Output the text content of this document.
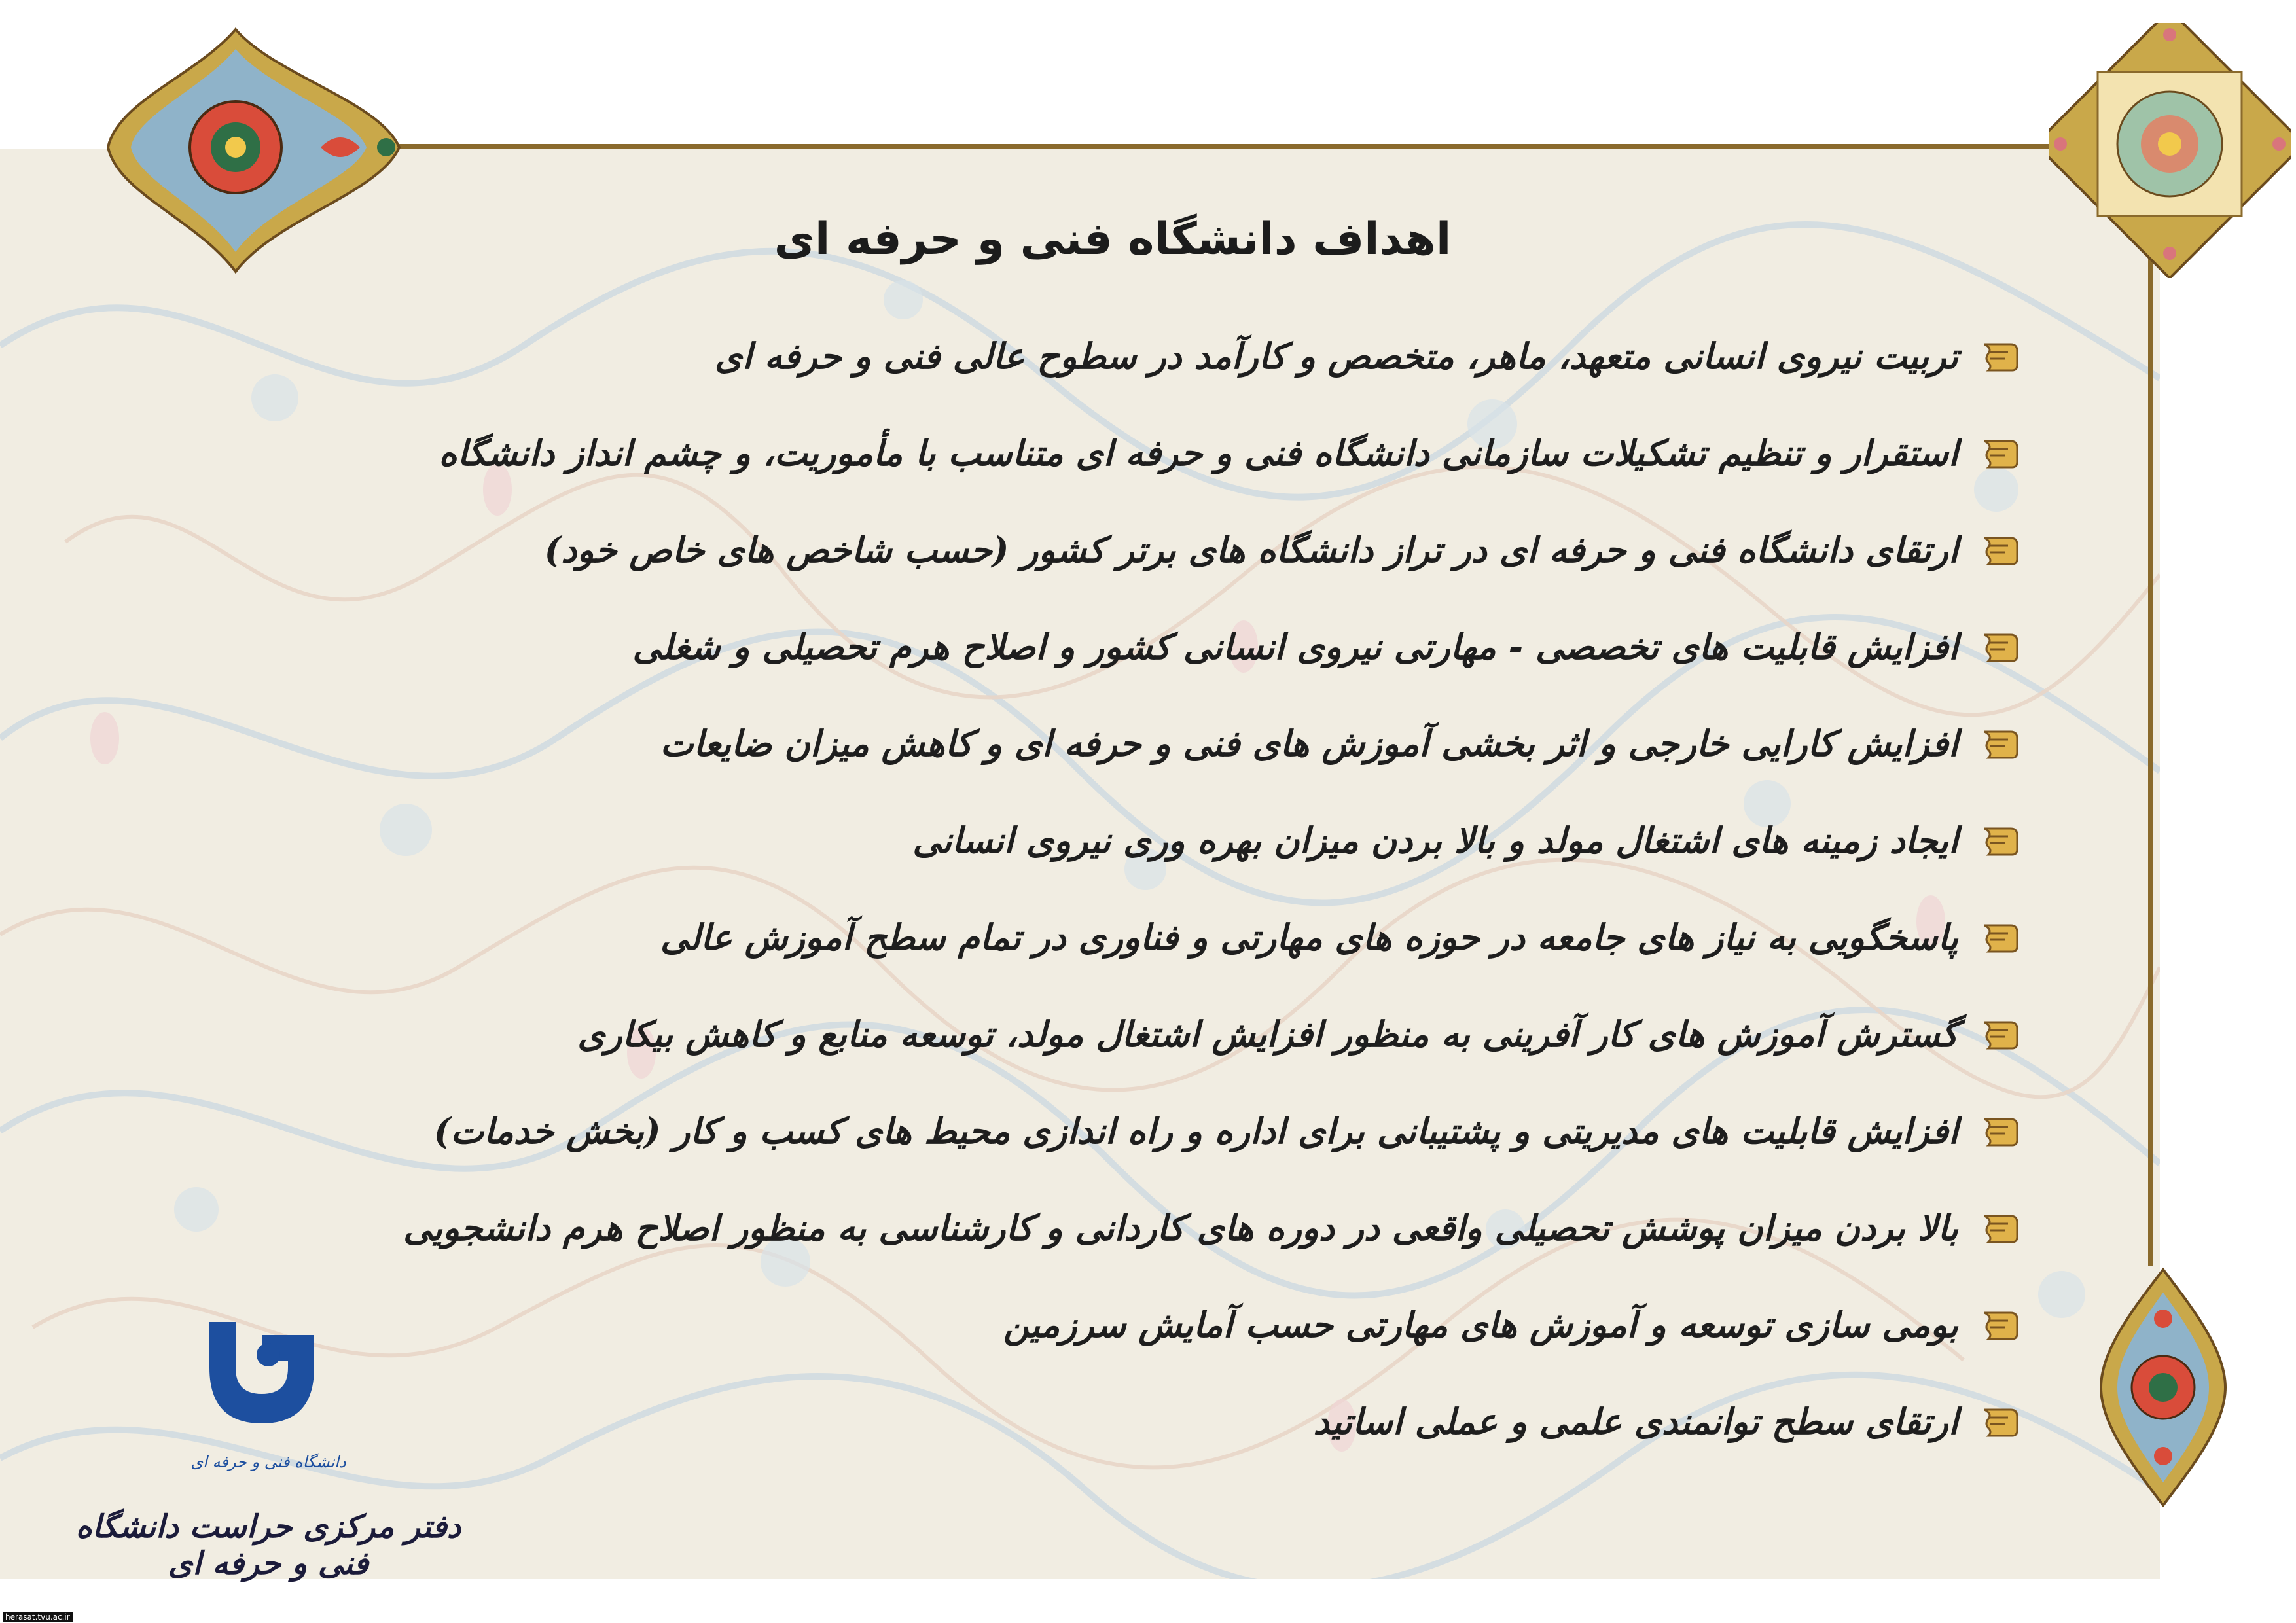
اهداف دانشگاه فنی و حرفه ای
تربیت نیروی انسانی متعهد، ماهر، متخصص و کارآمد در سطوح عالی فنی و حرفه ای
استقرار و تنظیم تشکیلات سازمانی دانشگاه فنی و حرفه ای متناسب با مأموریت، و چشم انداز دانشگاه
ارتقای دانشگاه فنی و حرفه ای در تراز دانشگاه های برتر کشور (حسب شاخص های خاص خود)
افزایش قابلیت های تخصصی - مهارتی نیروی انسانی کشور و اصلاح هرم تحصیلی و شغلی
افزایش کارایی خارجی و اثر بخشی آموزش های فنی و حرفه ای و کاهش میزان ضایعات
ایجاد زمینه های اشتغال مولد و بالا بردن میزان بهره وری نیروی انسانی
پاسخگویی به نیاز های جامعه در حوزه های مهارتی و فناوری در تمام سطح آموزش عالی
گسترش آموزش های کار آفرینی به منظور افزایش اشتغال مولد، توسعه منابع و کاهش بیکاری
افزایش قابلیت های مدیریتی و پشتیبانی برای اداره و راه اندازی محیط های کسب و کار (بخش خدمات)
بالا بردن میزان پوشش تحصیلی واقعی در دوره های کاردانی و کارشناسی به منظور اصلاح هرم دانشجویی
بومی سازی توسعه و آموزش های مهارتی حسب آمایش سرزمین
ارتقای سطح توانمندی علمی و عملی اساتید
دانشگاه فنی و حرفه ای
دفتر مرکزی حراست دانشگاه فنی و حرفه ای
herasat.tvu.ac.ir
